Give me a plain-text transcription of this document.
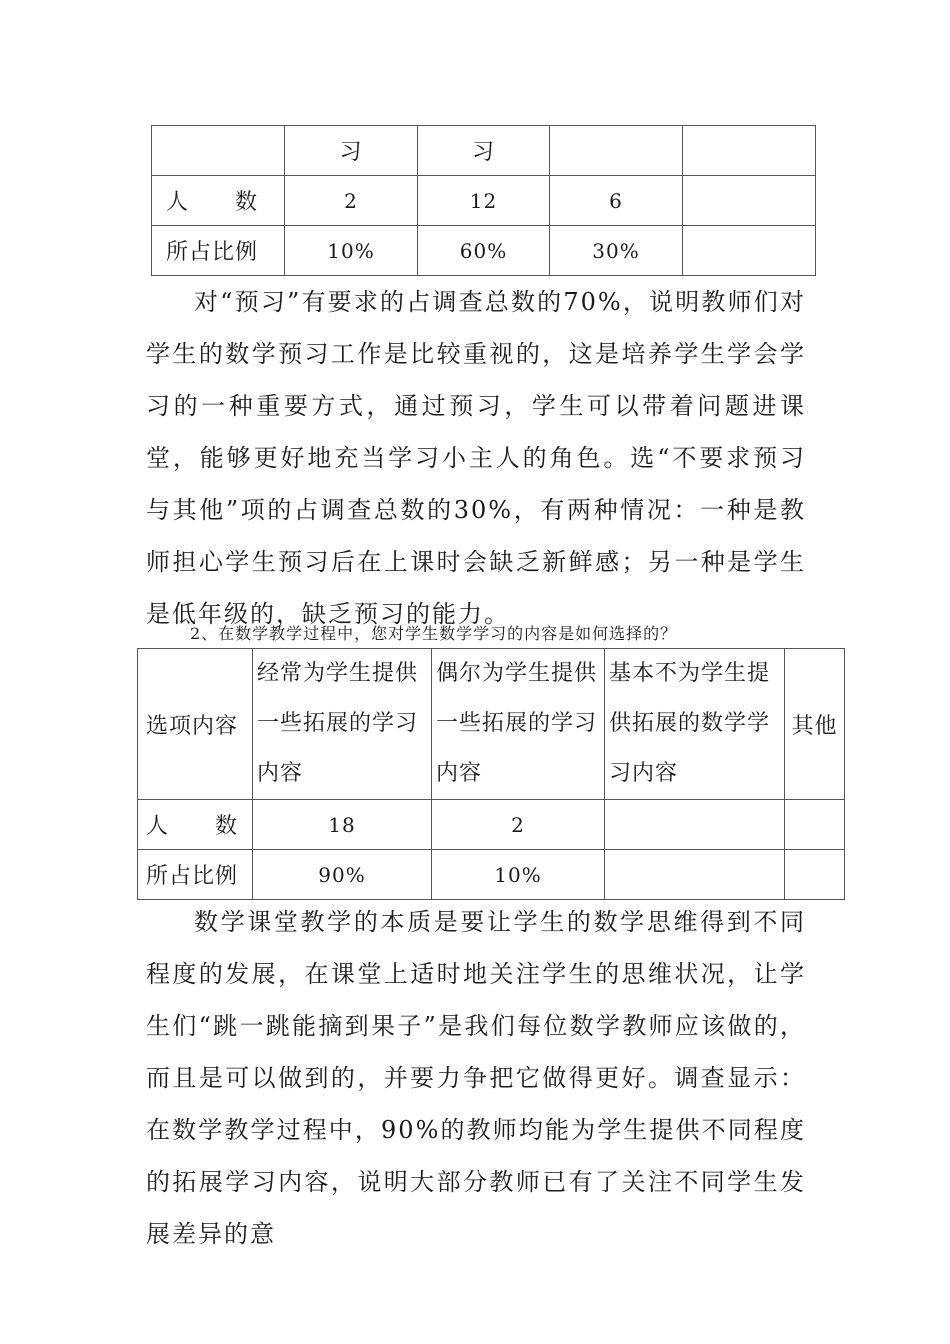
	习	习		
人　　数	2	12	6	
所占比例	10%	60%	30%	

对“预习”有要求的占调查总数的70%，说明教师们对学生的数学预习工作是比较重视的，这是培养学生学会学习的一种重要方式，通过预习，学生可以带着问题进课堂，能够更好地充当学习小主人的角色。选“不要求预习与其他”项的占调查总数的30%，有两种情况：一种是教师担心学生预习后在上课时会缺乏新鲜感；另一种是学生是低年级的，缺乏预习的能力。

2、在数学教学过程中，您对学生数学学习的内容是如何选择的？

选项内容	经常为学生提供一些拓展的学习内容	偶尔为学生提供一些拓展的学习内容	基本不为学生提供拓展的数学学习内容	其他
人　　数	18	2		
所占比例	90%	10%		

数学课堂教学的本质是要让学生的数学思维得到不同程度的发展，在课堂上适时地关注学生的思维状况，让学生们“跳一跳能摘到果子”是我们每位数学教师应该做的，而且是可以做到的，并要力争把它做得更好。调查显示：在数学教学过程中，90%的教师均能为学生提供不同程度的拓展学习内容，说明大部分教师已有了关注不同学生发展差异的意
